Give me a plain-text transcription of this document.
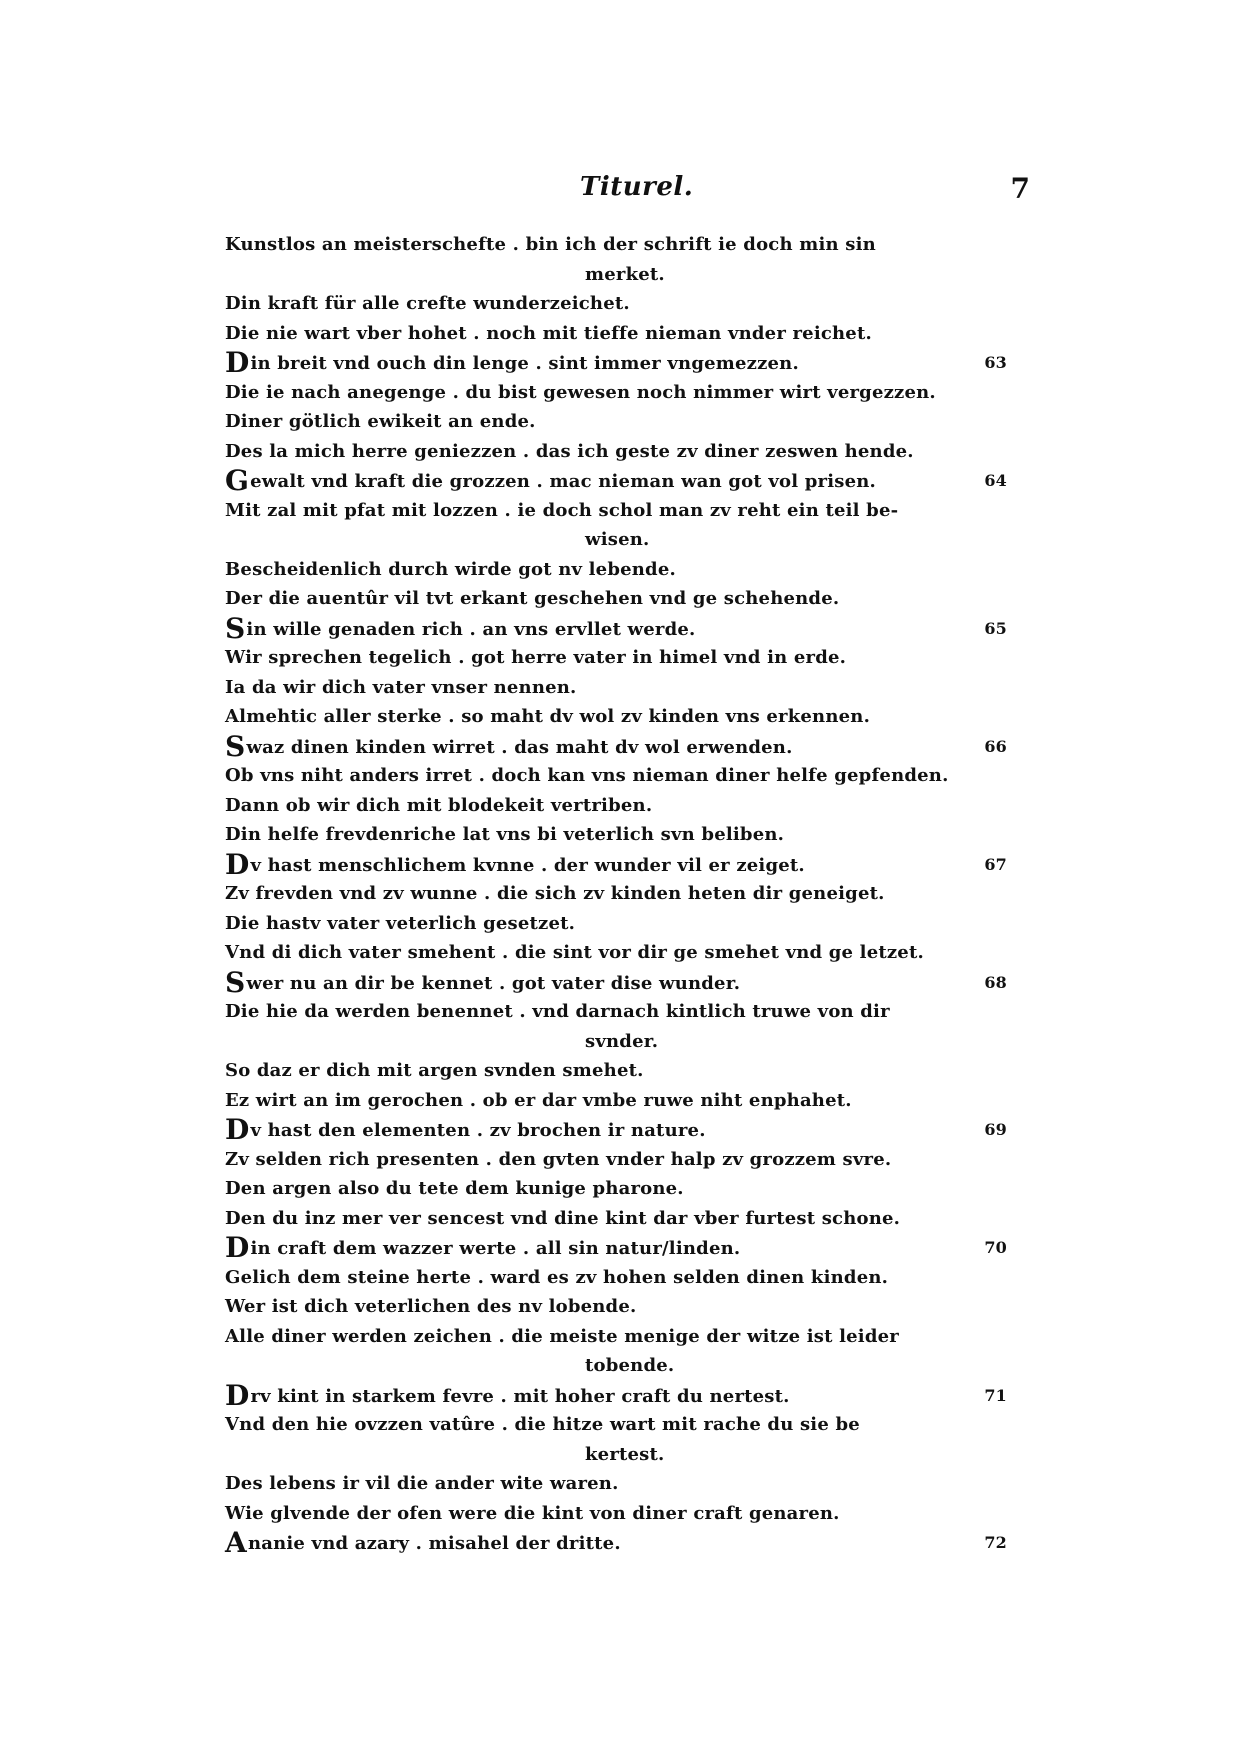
Titurel.	7
Kunstlos an meisterschefte . bin ich der schrift ie doch min sin
merket.
Din kraft für alle crefte wunderzeichet.
Die nie wart vber hohet . noch mit tieffe nieman vnder reichet.
Din breit vnd ouch din lenge . sint immer vngemezzen.	63
Die ie nach anegenge . du bist gewesen noch nimmer wirt vergezzen.
Diner götlich ewikeit an ende.
Des la mich herre geniezzen . das ich geste zv diner zeswen hende.
Gewalt vnd kraft die grozzen . mac nieman wan got vol prisen.	64
Mit zal mit pfat mit lozzen . ie doch schol man zv reht ein teil be-
wisen.
Bescheidenlich durch wirde got nv lebende.
Der die auentûr vil tvt erkant geschehen vnd ge schehende.
Sin wille genaden rich . an vns ervllet werde.	65
Wir sprechen tegelich . got herre vater in himel vnd in erde.
Ia da wir dich vater vnser nennen.
Almehtic aller sterke . so maht dv wol zv kinden vns erkennen.
Swaz dinen kinden wirret . das maht dv wol erwenden.	66
Ob vns niht anders irret . doch kan vns nieman diner helfe gepfenden.
Dann ob wir dich mit blodekeit vertriben.
Din helfe frevdenriche lat vns bi veterlich svn beliben.
Dv hast menschlichem kvnne . der wunder vil er zeiget.	67
Zv frevden vnd zv wunne . die sich zv kinden heten dir geneiget.
Die hastv vater veterlich gesetzet.
Vnd di dich vater smehent . die sint vor dir ge smehet vnd ge letzet.
Swer nu an dir be kennet . got vater dise wunder.	68
Die hie da werden benennet . vnd darnach kintlich truwe von dir
svnder.
So daz er dich mit argen svnden smehet.
Ez wirt an im gerochen . ob er dar vmbe ruwe niht enphahet.
Dv hast den elementen . zv brochen ir nature.	69
Zv selden rich presenten . den gvten vnder halp zv grozzem svre.
Den argen also du tete dem kunige pharone.
Den du inz mer ver sencest vnd dine kint dar vber furtest schone.
Din craft dem wazzer werte . all sin natur/linden.	70
Gelich dem steine herte . ward es zv hohen selden dinen kinden.
Wer ist dich veterlichen des nv lobende.
Alle diner werden zeichen . die meiste menige der witze ist leider
tobende.
Drv kint in starkem fevre . mit hoher craft du nertest.	71
Vnd den hie ovzzen vatûre . die hitze wart mit rache du sie be
kertest.
Des lebens ir vil die ander wite waren.
Wie glvende der ofen were die kint von diner craft genaren.
Ananie vnd azary . misahel der dritte.	72
